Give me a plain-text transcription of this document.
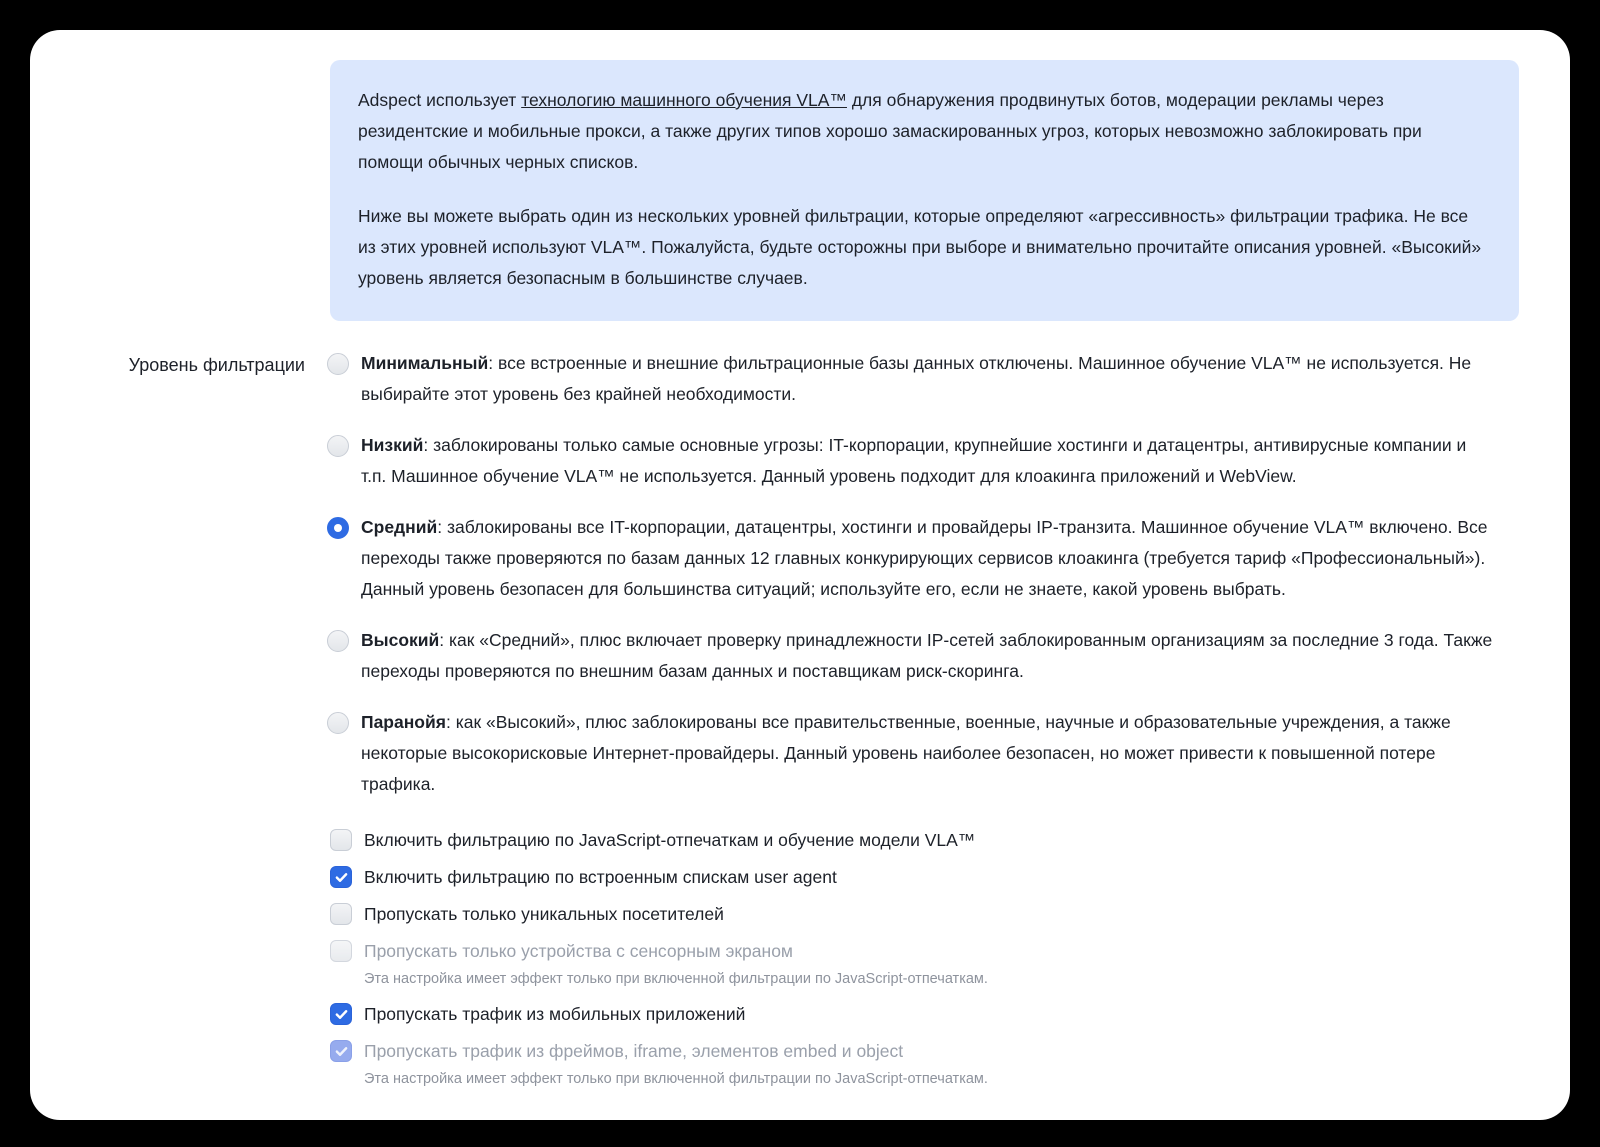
Adspect использует технологию машинного обучения VLA™ для обнаружения продвинутых ботов, модерации рекламы через резидентские и мобильные прокси, а также других типов хорошо замаскированных угроз, которых невозможно заблокировать при помощи обычных черных списков.

Ниже вы можете выбрать один из нескольких уровней фильтрации, которые определяют «агрессивность» фильтрации трафика. Не все из этих уровней используют VLA™. Пожалуйста, будьте осторожны при выборе и внимательно прочитайте описания уровней. «Высокий» уровень является безопасным в большинстве случаев.

Уровень фильтрации	Минимальный: все встроенные и внешние фильтрационные базы данных отключены. Машинное обучение VLA™ не используется. Не выбирайте этот уровень без крайней необходимости.

Низкий: заблокированы только самые основные угрозы: IT-корпорации, крупнейшие хостинги и датацентры, антивирусные компании и т.п. Машинное обучение VLA™ не используется. Данный уровень подходит для клоакинга приложений и WebView.

Средний: заблокированы все IT-корпорации, датацентры, хостинги и провайдеры IP-транзита. Машинное обучение VLA™ включено. Все переходы также проверяются по базам данных 12 главных конкурирующих сервисов клоакинга (требуется тариф «Профессиональный»). Данный уровень безопасен для большинства ситуаций; используйте его, если не знаете, какой уровень выбрать.

Высокий: как «Средний», плюс включает проверку принадлежности IP-сетей заблокированным организациям за последние 3 года. Также переходы проверяются по внешним базам данных и поставщикам риск-скоринга.

Паранойя: как «Высокий», плюс заблокированы все правительственные, военные, научные и образовательные учреждения, а также некоторые высокорисковые Интернет-провайдеры. Данный уровень наиболее безопасен, но может привести к повышенной потере трафика.

Включить фильтрацию по JavaScript-отпечаткам и обучение модели VLA™
Включить фильтрацию по встроенным спискам user agent
Пропускать только уникальных посетителей
Пропускать только устройства с сенсорным экраном
Эта настройка имеет эффект только при включенной фильтрации по JavaScript-отпечаткам.
Пропускать трафик из мобильных приложений
Пропускать трафик из фреймов, iframe, элементов embed и object
Эта настройка имеет эффект только при включенной фильтрации по JavaScript-отпечаткам.
